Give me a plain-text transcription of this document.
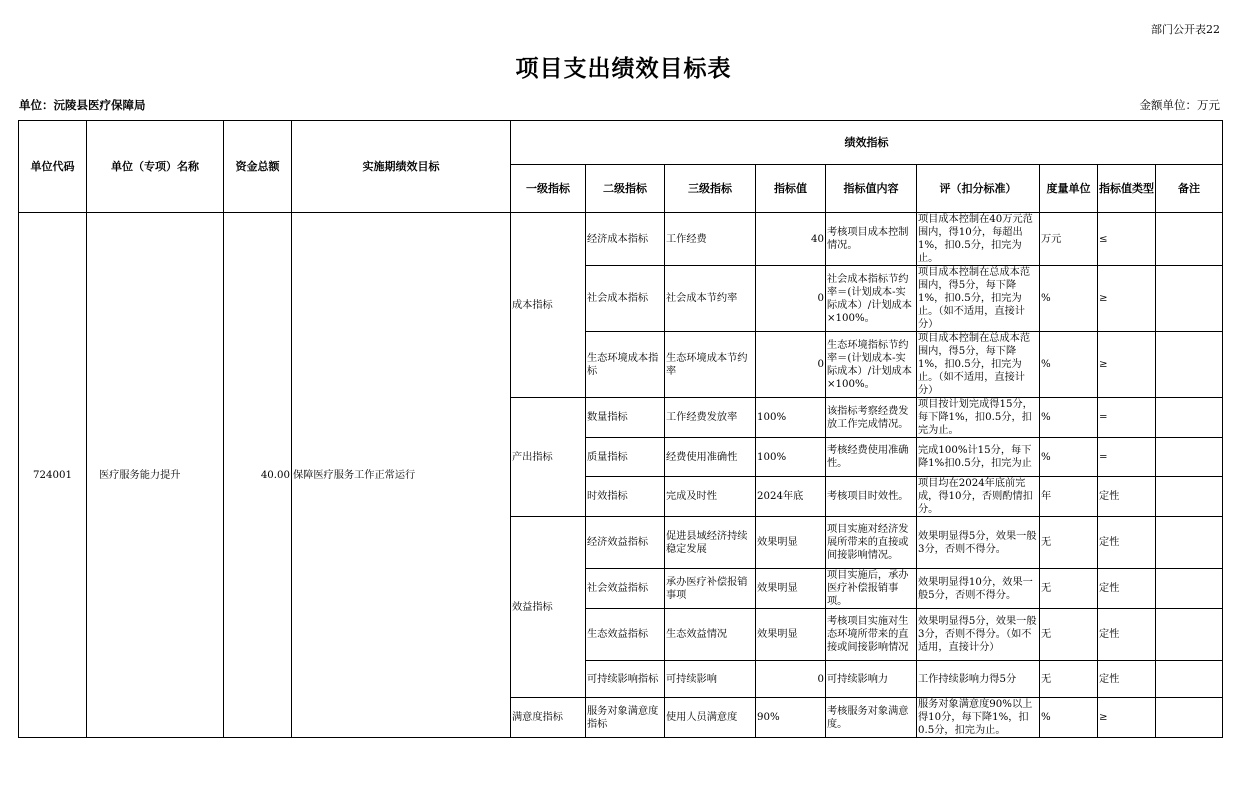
部门公开表22
项目支出绩效目标表
单位：沅陵县医疗保障局	金额单位：万元
单位代码	单位（专项）名称	资金总额	实施期绩效目标	绩效指标								
				一级指标	二级指标	三级指标	指标值	指标值内容	评（扣分标准）	度量单位	指标值类型	备注
724001	医疗服务能力提升	40.00	保障医疗服务工作正常运行	成本指标	经济成本指标	工作经费	40	考核项目成本控制情况。	项目成本控制在40万元范围内，得10分，每超出1%，扣0.5分，扣完为止。	万元	≤	
					社会成本指标	社会成本节约率	0	社会成本指标节约率＝(计划成本-实际成本）/计划成本×100%。	项目成本控制在总成本范围内，得5分，每下降1%，扣0.5分，扣完为止。（如不适用，直接计分）	%	≥	
					生态环境成本指标	生态环境成本节约率	0	生态环境指标节约率＝(计划成本-实际成本）/计划成本×100%。	项目成本控制在总成本范围内，得5分，每下降1%，扣0.5分，扣完为止。（如不适用，直接计分）	%	≥	
				产出指标	数量指标	工作经费发放率	100%	该指标考察经费发放工作完成情况。	项目按计划完成得15分，每下降1%，扣0.5分，扣完为止。	%	=	
					质量指标	经费使用准确性	100%	考核经费使用准确性。	完成100%计15分，每下降1%扣0.5分，扣完为止	%	=	
					时效指标	完成及时性	2024年底	考核项目时效性。	项目均在2024年底前完成，得10分，否则酌情扣分。	年	定性	
				效益指标	经济效益指标	促进县域经济持续稳定发展	效果明显	项目实施对经济发展所带来的直接或间接影响情况。	效果明显得5分，效果一般3分，否则不得分。	无	定性	
					社会效益指标	承办医疗补偿报销事项	效果明显	项目实施后，承办医疗补偿报销事项。	效果明显得10分，效果一般5分，否则不得分。	无	定性	
					生态效益指标	生态效益情况	效果明显	考核项目实施对生态环境所带来的直接或间接影响情况	效果明显得5分，效果一般3分，否则不得分。（如不适用，直接计分）	无	定性	
					可持续影响指标	可持续影响	0	可持续影响力	工作持续影响力得5分	无	定性	
				满意度指标	服务对象满意度指标	使用人员满意度	90%	考核服务对象满意度。	服务对象满意度90%以上得10分，每下降1%，扣0.5分，扣完为止。	%	≥	
